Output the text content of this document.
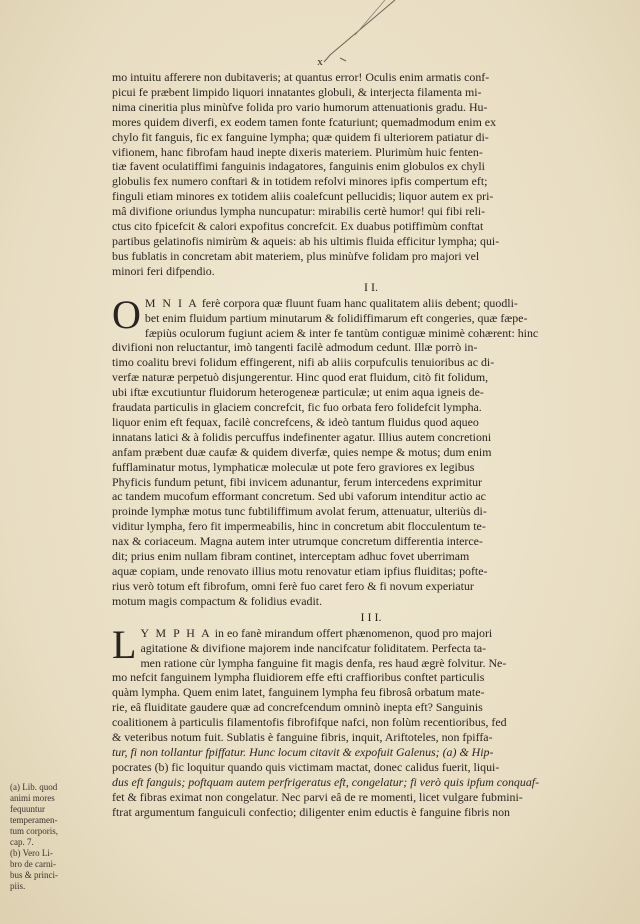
x

mo intuitu afferere non dubitaveris; at quantus error! Oculis enim armatis conf-
picui fe præbent limpido liquori innatantes globuli, & interjecta filamenta mi-
nima cineritia plus minùfve folida pro vario humorum attenuationis gradu. Hu-
mores quidem diverfi, ex eodem tamen fonte fcaturiunt; quemadmodum enim ex
chylo fit fanguis, fic ex fanguine lympha; quæ quidem fi ulteriorem patiatur di-
vifionem, hanc fibrofam haud inepte dixeris materiem. Plurimùm huic fenten-
tiæ favent oculatiffimi fanguinis indagatores, fanguinis enim globulos ex chyli
globulis fex numero conftari & in totidem refolvi minores ipfis compertum eft;
finguli etiam minores ex totidem aliis coalefcunt pellucidis; liquor autem ex pri-
mâ divifione oriundus lympha nuncupatur: mirabilis certè humor! qui fibi reli-
ctus cito fpicefcit & calori expofitus concrefcit. Ex duabus potiffimùm conftat
partibus gelatinofis nimirùm & aqueis: ab his ultimis fluida efficitur lympha; qui-
bus fublatis in concretam abit materiem, plus minùfve folidam pro majori vel
minori feri difpendio.

I I.

O M N I A ferè corpora quæ fluunt fuam hanc qualitatem aliis debent; quodli-
bet enim fluidum partium minutarum & folidiffimarum eft congeries, quæ fæpe-
fæpiùs oculorum fugiunt aciem & inter fe tantùm contiguæ minimè cohærent: hinc
divifioni non reluctantur, imò tangenti facilè admodum cedunt. Illæ porrò in-
timo coalitu brevi folidum effingerent, nifi ab aliis corpufculis tenuioribus ac di-
verfæ naturæ perpetuò disjungerentur. Hinc quod erat fluidum, citò fit folidum,
ubi iftæ excutiuntur fluidorum heterogeneæ particulæ; ut enim aqua igneis de-
fraudata particulis in glaciem concrefcit, fic fuo orbata fero folidefcit lympha.
liquor enim eft fequax, facilè concrefcens, & ideò tantum fluidus quod aqueo
innatans latici & à folidis percuffus indefinenter agatur. Illius autem concretioni
anfam præbent duæ caufæ & quidem diverfæ, quies nempe & motus; dum enim
fufflaminatur motus, lymphaticæ moleculæ ut pote fero graviores ex legibus
Phyficis fundum petunt, fibi invicem adunantur, ferum intercedens exprimitur
ac tandem mucofum efformant concretum. Sed ubi vaforum intenditur actio ac
proinde lymphæ motus tunc fubtiliffimum avolat ferum, attenuatur, ulteriùs di-
viditur lympha, fero fit impermeabilis, hinc in concretum abit flocculentum te-
nax & coriaceum. Magna autem inter utrumque concretum differentia interce-
dit; prius enim nullam fibram continet, interceptam adhuc fovet uberrimam
aquæ copiam, unde renovato illius motu renovatur etiam ipfius fluiditas; pofte-
rius verò totum eft fibrofum, omni ferè fuo caret fero & fi novum experiatur
motum magis compactum & folidius evadit.

I I I.

L Y M P H A in eo fanè mirandum offert phænomenon, quod pro majori
agitatione & divifione majorem inde nancifcatur foliditatem. Perfecta ta-
men ratione cùr lympha fanguine fit magis denfa, res haud ægrè folvitur. Ne-
mo nefcit fanguinem lympha fluidiorem effe efti craffioribus conftet particulis
quàm lympha. Quem enim latet, fanguinem lympha feu fibrosâ orbatum mate-
rie, eâ fluiditate gaudere quæ ad concrefcendum omninò inepta eft? Sanguinis
coalitionem à particulis filamentofis fibrofifque nafci, non folùm recentioribus, fed
& veteribus notum fuit. Sublatis è fanguine fibris, inquit, Ariftoteles, non fpiffa-
tur, fi non tollantur fpiffatur. Hunc locum citavit & expofuit Galenus; (a) & Hip-
pocrates (b) fic loquitur quando quis victimam mactat, donec calidus fuerit, liqui-
dus eft fanguis; poftquam autem perfrigeratus eft, congelatur; fi verò quis ipfum conquaf-
fet & fibras eximat non congelatur. Nec parvi eâ de re momenti, licet vulgare fubmini-
ftrat argumentum fanguiculi confectio; diligenter enim eductis è fanguine fibris non

(a) Lib. quod
animi mores
fequuntur
temperamen-
tum corporis,
cap. 7.
(b) Vero Li-
bro de carni-
bus & princi-
piis.
